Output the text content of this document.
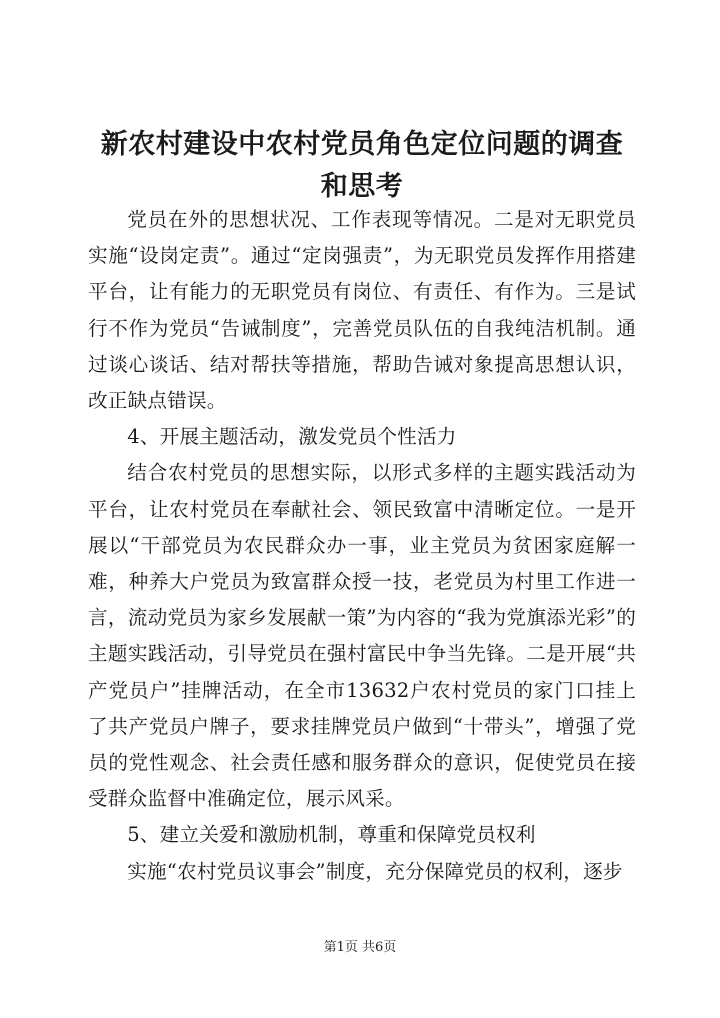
新农村建设中农村党员角色定位问题的调查和思考

党员在外的思想状况、工作表现等情况。二是对无职党员实施“设岗定责”。通过“定岗强责”，为无职党员发挥作用搭建平台，让有能力的无职党员有岗位、有责任、有作为。三是试行不作为党员“告诫制度”，完善党员队伍的自我纯洁机制。通过谈心谈话、结对帮扶等措施，帮助告诫对象提高思想认识，改正缺点错误。

4、开展主题活动，激发党员个性活力

结合农村党员的思想实际，以形式多样的主题实践活动为平台，让农村党员在奉献社会、领民致富中清晰定位。一是开展以“干部党员为农民群众办一事，业主党员为贫困家庭解一难，种养大户党员为致富群众授一技，老党员为村里工作进一言，流动党员为家乡发展献一策”为内容的“我为党旗添光彩”的主题实践活动，引导党员在强村富民中争当先锋。二是开展“共产党员户”挂牌活动，在全市13632户农村党员的家门口挂上了共产党员户牌子，要求挂牌党员户做到“十带头”，增强了党员的党性观念、社会责任感和服务群众的意识，促使党员在接受群众监督中准确定位，展示风采。

5、建立关爱和激励机制，尊重和保障党员权利

实施“农村党员议事会”制度，充分保障党员的权利，逐步

第1页 共6页
